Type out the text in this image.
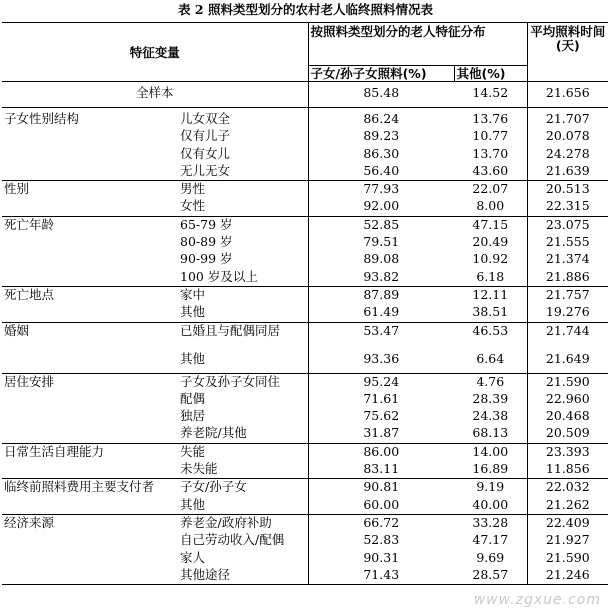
表 2 照料类型划分的农村老人临终照料情况表
特征变量		按照料类型划分的老人特征分布		平均照料时间(天)
		子女/孙子女照料(%)	其他(%)	
全样本		85.48	14.52	21.656
子女性别结构	儿女双全	86.24	13.76	21.707
	仅有儿子	89.23	10.77	20.078
	仅有女儿	86.30	13.70	24.278
	无儿无女	56.40	43.60	21.639
性别	男性	77.93	22.07	20.513
	女性	92.00	8.00	22.315
死亡年龄	65-79 岁	52.85	47.15	23.075
	80-89 岁	79.51	20.49	21.555
	90-99 岁	89.08	10.92	21.374
	100 岁及以上	93.82	6.18	21.886
死亡地点	家中	87.89	12.11	21.757
	其他	61.49	38.51	19.276
婚姻	已婚且与配偶同居	53.47	46.53	21.744
	其他	93.36	6.64	21.649
居住安排	子女及孙子女同住	95.24	4.76	21.590
	配偶	71.61	28.39	22.960
	独居	75.62	24.38	20.468
	养老院/其他	31.87	68.13	20.509
日常生活自理能力	失能	86.00	14.00	23.393
	未失能	83.11	16.89	11.856
临终前照料费用主要支付者	子女/孙子女	90.81	9.19	22.032
	其他	60.00	40.00	21.262
经济来源	养老金/政府补助	66.72	33.28	22.409
	自己劳动收入/配偶	52.83	47.17	21.927
	家人	90.31	9.69	21.590
	其他途径	71.43	28.57	21.246
www.zgxue.com
